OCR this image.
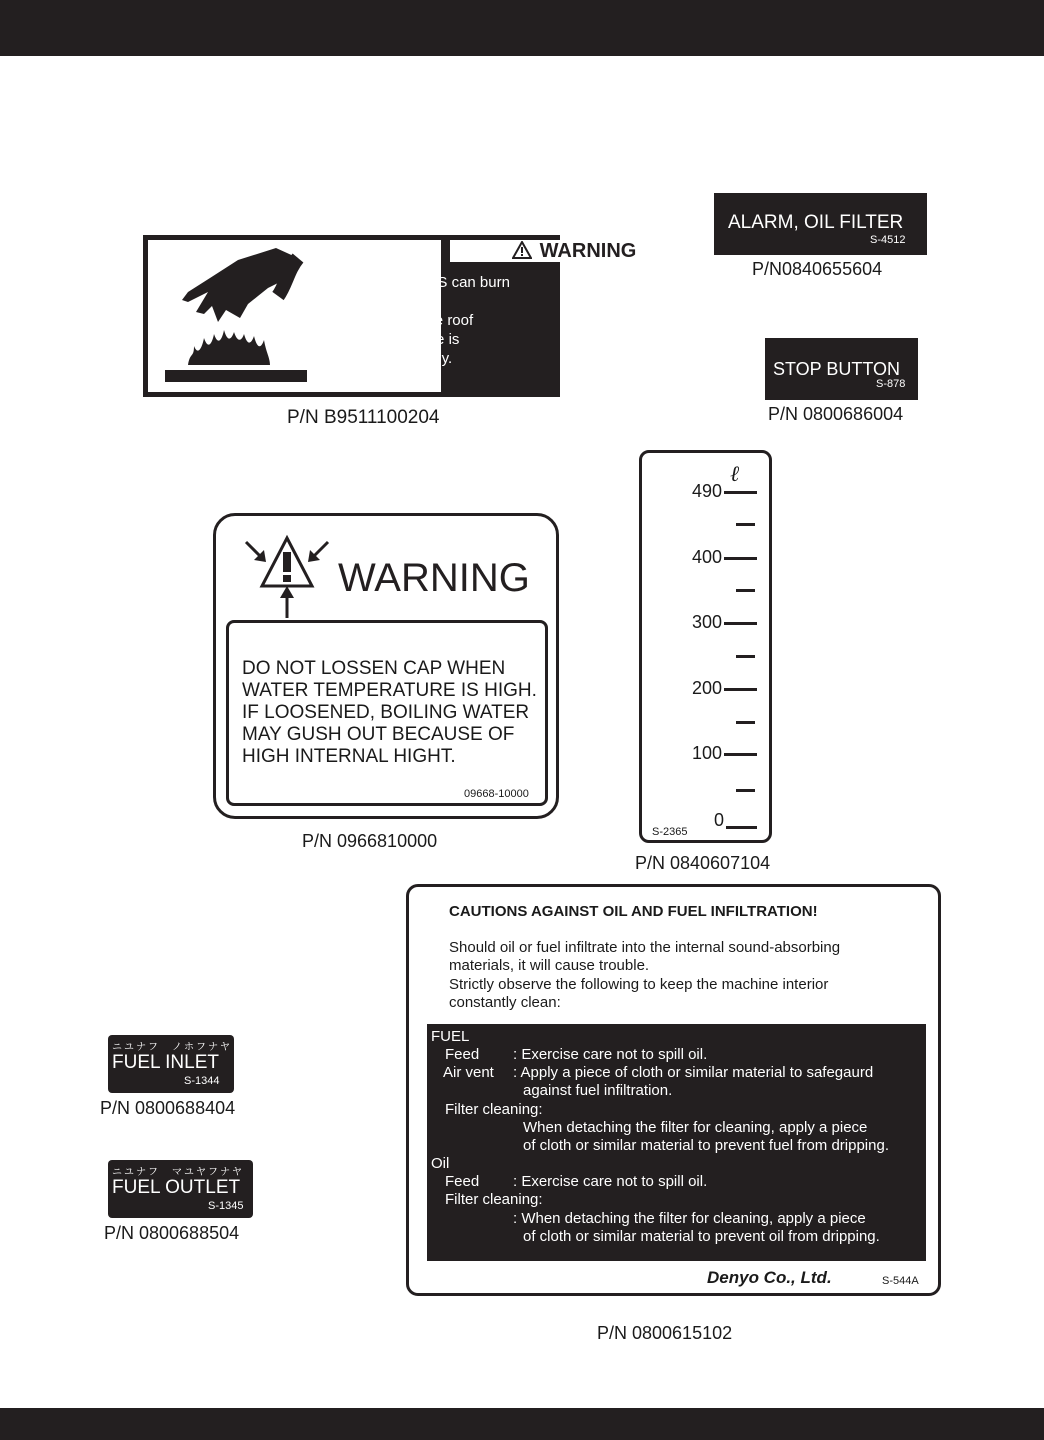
ALARM, OIL FILTER
S-4512
P/N0840655604
STOP BUTTON
S-878
P/N 0800686004
WARNING
HOT SURFACES can burn
skin.
●Do not get on the roof
until the machine is
cooled sufficiently.
B91110020
P/N B9511100204
WARNING
DO NOT LOSSEN CAP WHEN
WATER TEMPERATURE IS HIGH.
IF LOOSENED, BOILING WATER
MAY GUSH OUT BECAUSE OF
HIGH INTERNAL HIGHT.
09668-10000
P/N 0966810000
ℓ
490
400
300
200
100
0
S-2365
P/N 0840607104
ニユナフ　ノホフナヤ
FUEL INLET
S-1344
P/N 0800688404
ニユナフ　マユヤフナヤ
FUEL OUTLET
S-1345
P/N 0800688504
CAUTIONS AGAINST OIL AND FUEL INFILTRATION!
Should oil or fuel infiltrate into the internal sound-absorbing
materials, it will cause trouble.
Strictly observe the following to keep the machine interior
constantly clean:
FUEL
Feed : Exercise care not to spill oil.
Air vent : Apply a piece of cloth or similar material to safegaurd
against fuel infiltration.
Filter cleaning:
When detaching the filter for cleaning, apply a piece
of cloth or similar material to prevent fuel from dripping.
Oil
Feed : Exercise care not to spill oil.
Filter cleaning:
: When detaching the filter for cleaning, apply a piece
of cloth or similar material to prevent oil from dripping.
Denyo Co., Ltd.	S-544A
P/N 0800615102
